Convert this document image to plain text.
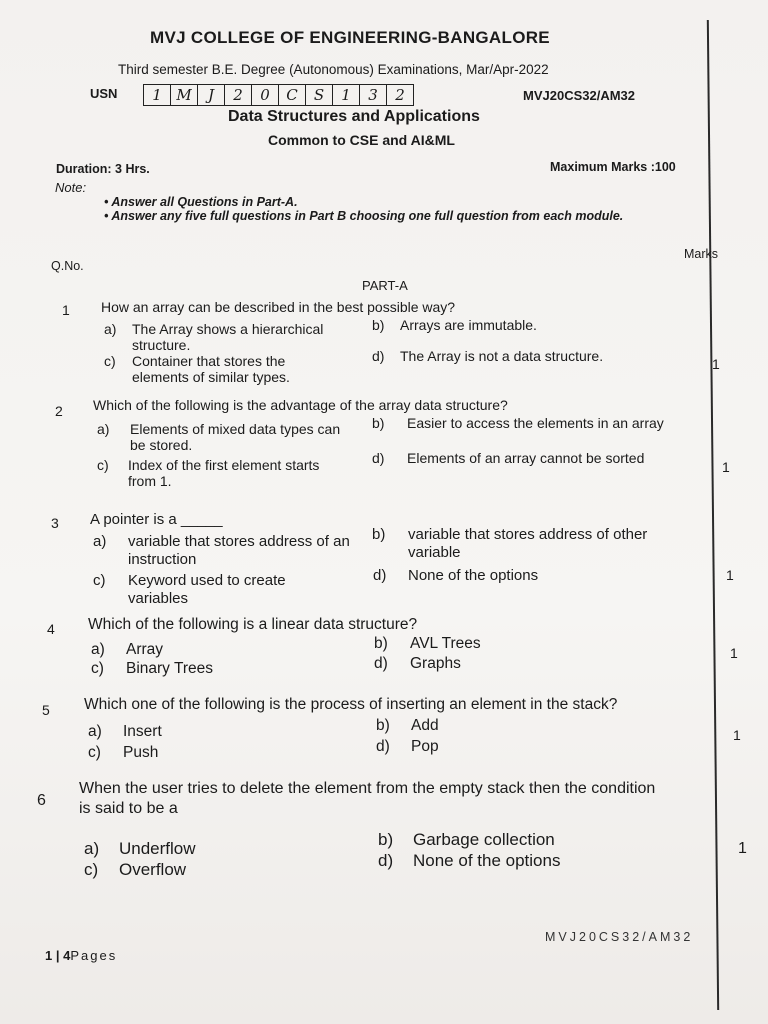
MVJ COLLEGE OF ENGINEERING-BANGALORE
Third semester B.E. Degree (Autonomous) Examinations, Mar/Apr-2022
USN	1 M	J	2	0	C	S	1	3	2	MVJ20CS32/AM32
Data Structures and Applications
Common to CSE and AI&ML
Duration: 3 Hrs.	Maximum Marks :100
Note:
• Answer all Questions in Part-A.
• Answer any five full questions in Part B choosing one full question from each module.
Q.No.
Marks
PART-A
1 How an array can be described in the best possible way?
a) The Array shows a hierarchical structure.
b) Arrays are immutable.
c) Container that stores the elements of similar types.
d) The Array is not a data structure.	1
2 Which of the following is the advantage of the array data structure?
a) Elements of mixed data types can be stored.
b) Easier to access the elements in an array
c) Index of the first element starts from 1.
d) Elements of an array cannot be sorted
1
3 A pointer is a _____
a) variable that stores address of an instruction
b) variable that stores address of other variable
c) Keyword used to create variables
d) None of the options	1
4 Which of the following is a linear data structure?
a) Array	b) AVL Trees
c) Binary Trees	d) Graphs
1
5 Which one of the following is the process of inserting an element in the stack?
a) Insert	b) Add
c) Push	d) Pop
1
6
When the user tries to delete the element from the empty stack then the condition is said to be a
a) Underflow	b) Garbage collection
c) Overflow	d) None of the options
1
MVJ20CS32/AM32
1 | 4Pages
